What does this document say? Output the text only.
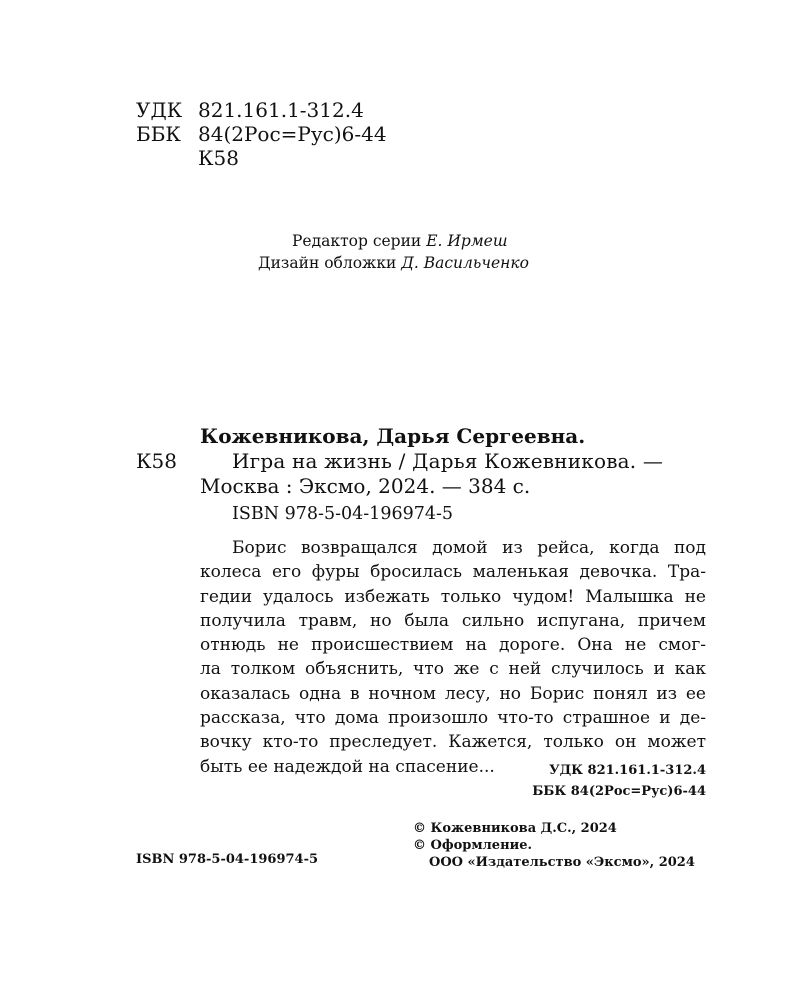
УДК 821.161.1-312.4
ББК 84(2Рос=Рус)6-44
К58
Редактор серии Е. Ирмеш
Дизайн обложки Д. Васильченко
Кожевникова, Дарья Сергеевна.
К58	Игра на жизнь / Дарья Кожевникова. —
Москва : Эксмо, 2024. — 384 с.
ISBN 978-5-04-196974-5
Борис возвращался домой из рейса, когда под
колеса его фуры бросилась маленькая девочка. Тра-
гедии удалось избежать только чудом! Малышка не
получила травм, но была сильно испугана, причем
отнюдь не происшествием на дороге. Она не смог-
ла толком объяснить, что же с ней случилось и как
оказалась одна в ночном лесу, но Борис понял из ее
рассказа, что дома произошло что-то страшное и де-
вочку кто-то преследует. Кажется, только он может
быть ее надеждой на спасение...	УДК 821.161.1-312.4
ББК 84(2Рос=Рус)6-44
© Кожевникова Д.С., 2024
© Оформление.
ООО «Издательство «Эксмо», 2024
ISBN 978-5-04-196974-5
